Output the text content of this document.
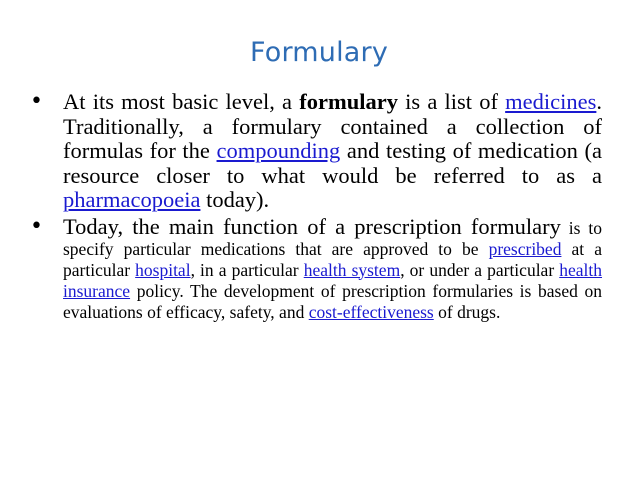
Formulary
• At its most basic level, a formulary is a list of medicines. Traditionally, a formulary contained a collection of formulas for the compounding and testing of medication (a resource closer to what would be referred to as a pharmacopoeia today).
• Today, the main function of a prescription formulary is to specify particular medications that are approved to be prescribed at a particular hospital, in a particular health system, or under a particular health insurance policy. The development of prescription formularies is based on evaluations of efficacy, safety, and cost-effectiveness of drugs.
